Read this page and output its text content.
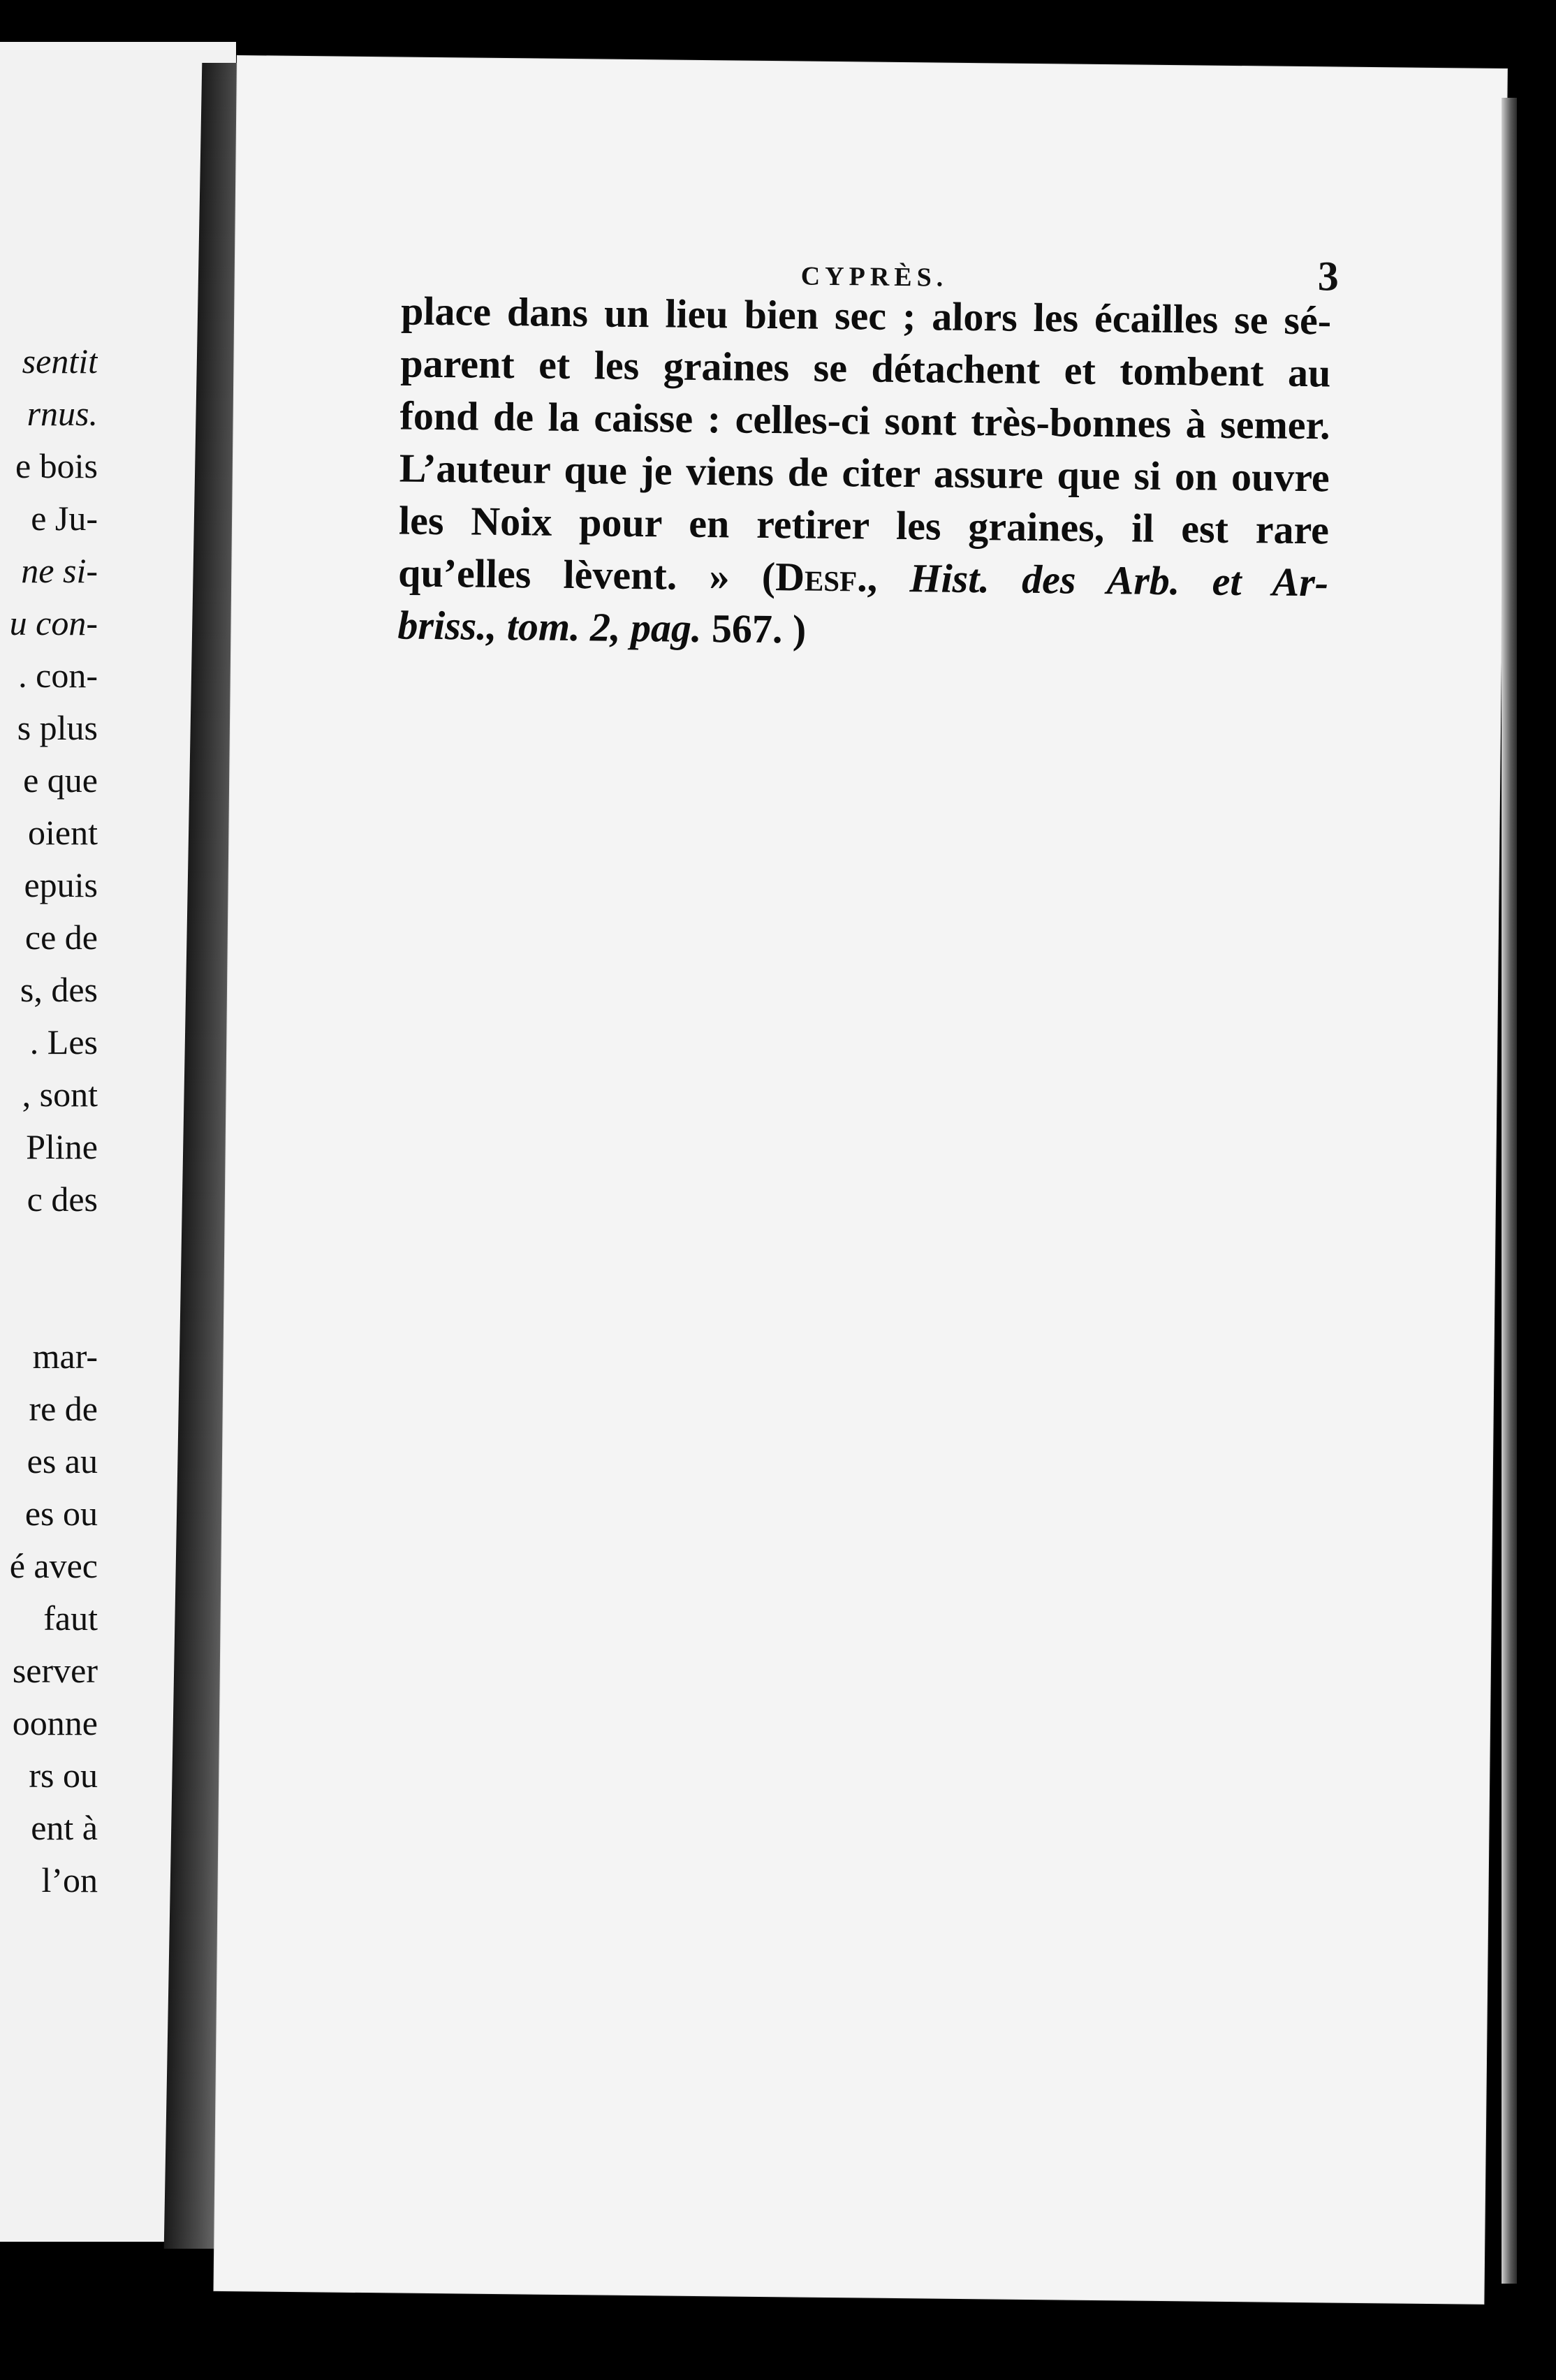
sentit
rnus.
e bois
e Ju-
ne si-
u con-
. con-
s plus
e que
oient
epuis
ce de
s, des
. Les
, sont
Pline
c des
mar-
re de
es au
es ou
é avec
faut
server
oonne
rs ou
ent à
l’on
CYPRÈS.	3
place dans un lieu bien sec ; alors les écailles se sé-
parent et les graines se détachent et tombent au
fond de la caisse : celles-ci sont très-bonnes à semer.
L’auteur que je viens de citer assure que si on ouvre
les Noix pour en retirer les graines, il est rare
qu’elles lèvent. » (Desf., Hist. des Arb. et Ar-
briss., tom. 2, pag. 567. )
